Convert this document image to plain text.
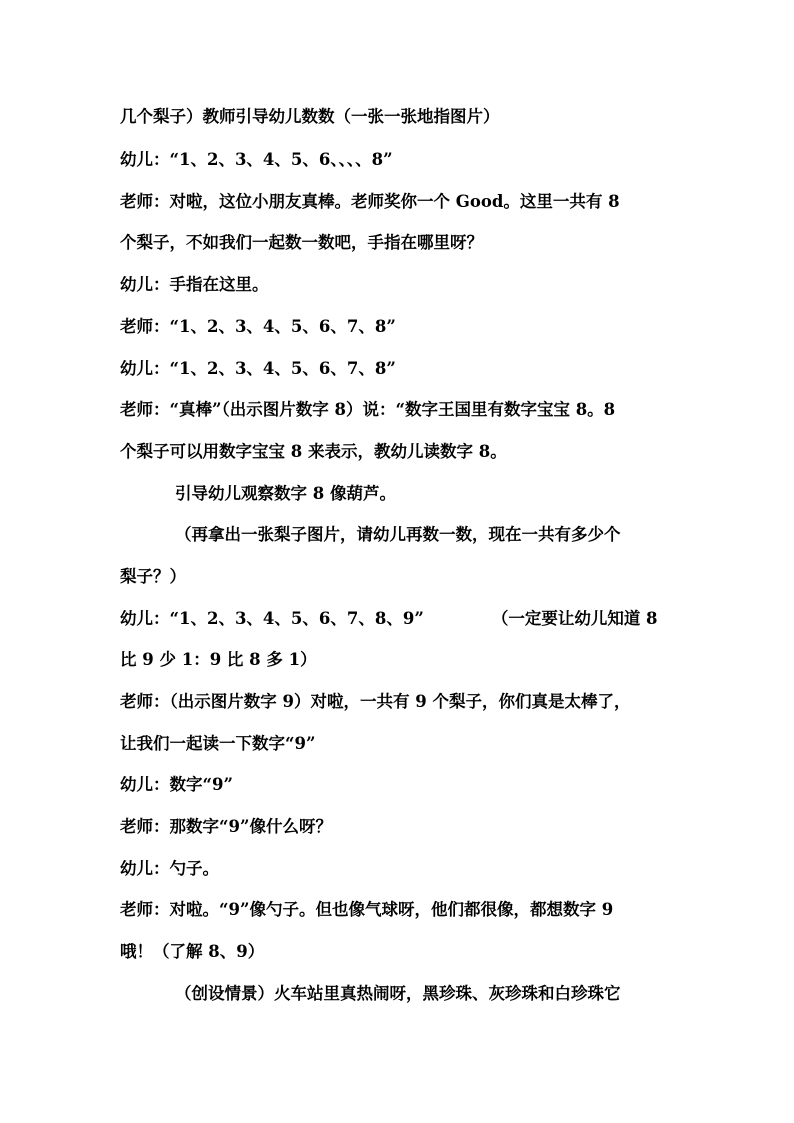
几个梨子）教师引导幼儿数数（一张一张地指图片）
幼儿：“1、2、3、4、5、6、、、、8”
老师：对啦，这位小朋友真棒。老师奖你一个 Good。这里一共有 8
个梨子，不如我们一起数一数吧，手指在哪里呀？
幼儿：手指在这里。
老师：“1、2、3、4、5、6、7、8”
幼儿：“1、2、3、4、5、6、7、8”
老师：“真棒”（出示图片数字 8）说：“数字王国里有数字宝宝 8。8
个梨子可以用数字宝宝 8 来表示，教幼儿读数字 8。
引导幼儿观察数字 8 像葫芦。
（再拿出一张梨子图片，请幼儿再数一数，现在一共有多少个
梨子？）
幼儿：“1、2、3、4、5、6、7、8、9”	（一定要让幼儿知道 8
比 9 少 1：9 比 8 多 1）
老师：（出示图片数字 9）对啦，一共有 9 个梨子，你们真是太棒了，
让我们一起读一下数字“9”
幼儿：数字“9”
老师：那数字“9”像什么呀？
幼儿：勺子。
老师：对啦。“9”像勺子。但也像气球呀，他们都很像，都想数字 9
哦！（了解 8、9）
（创设情景）火车站里真热闹呀，黑珍珠、灰珍珠和白珍珠它
